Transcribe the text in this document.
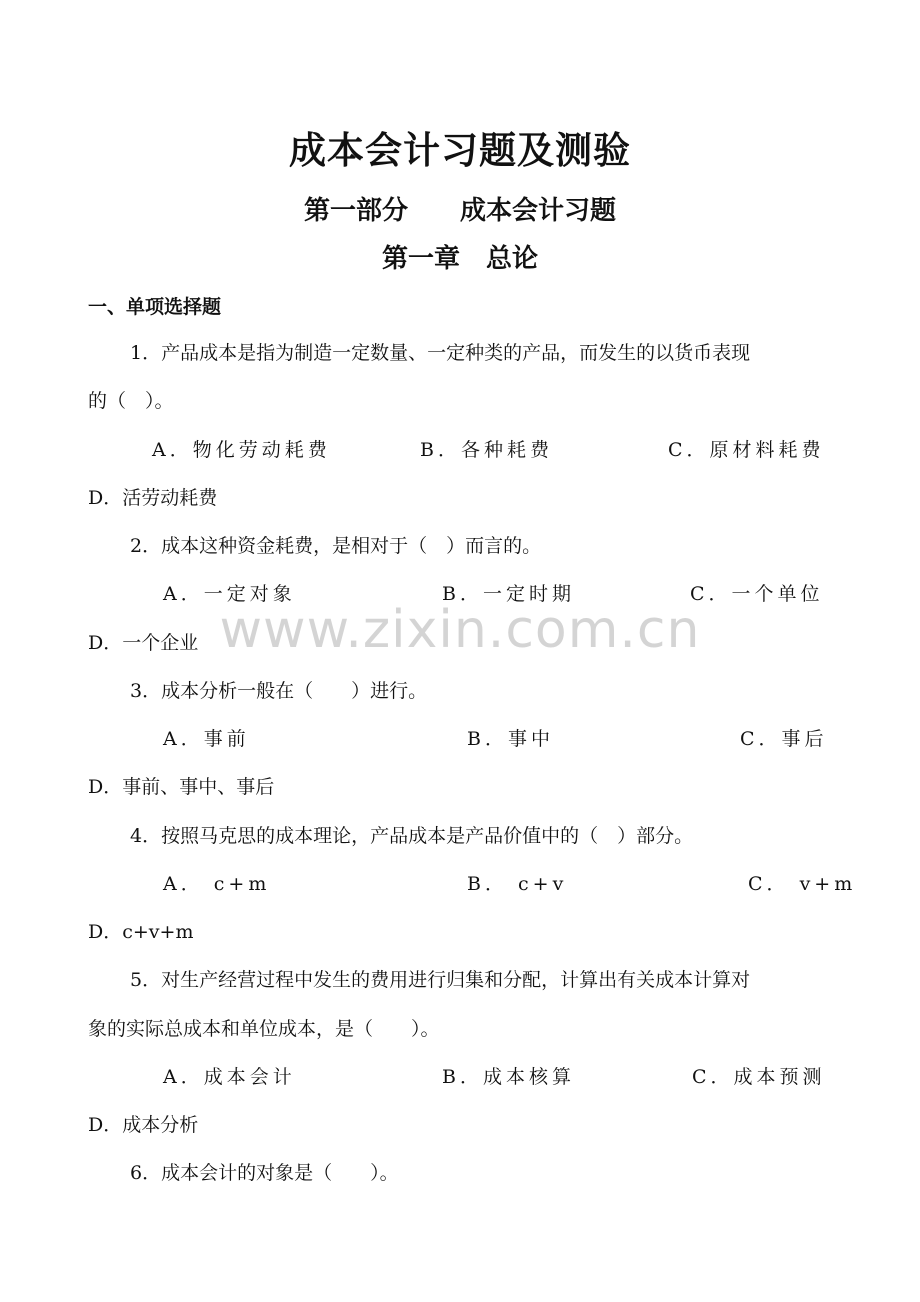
成本会计习题及测验
第一部分　　成本会计习题
第一章　总论
一、单项选择题
1．产品成本是指为制造一定数量、一定种类的产品，而发生的以货币表现
的（　）。
A．物化劳动耗费	B．各种耗费	C．原材料耗费
D．活劳动耗费
2．成本这种资金耗费，是相对于（　）而言的。
A．一定对象	B．一定时期	C．一个单位
D．一个企业
3．成本分析一般在（　　）进行。
A．事前	B．事中	C．事后
D．事前、事中、事后
4．按照马克思的成本理论，产品成本是产品价值中的（　）部分。
A． c+m	B． c+v	C． v+m
D．c+v+m
5．对生产经营过程中发生的费用进行归集和分配，计算出有关成本计算对
象的实际总成本和单位成本，是（　　）。
A．成本会计	B．成本核算	C．成本预测
D．成本分析
6．成本会计的对象是（　　）。
www.zixin.com.cn
